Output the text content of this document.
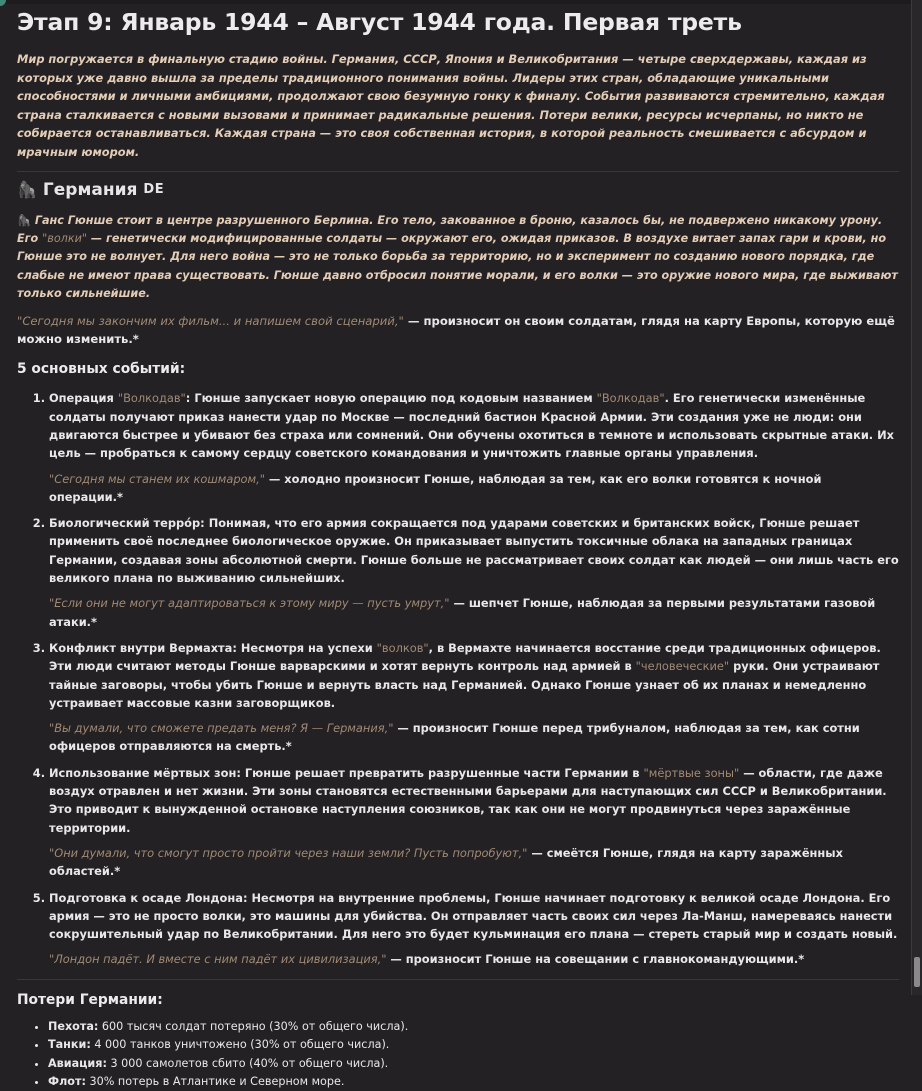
Этап 9: Январь 1944 – Август 1944 года. Первая треть

Мир погружается в финальную стадию войны. Германия, СССР, Япония и Великобритания — четыре сверхдержавы, каждая из которых уже давно вышла за пределы традиционного понимания войны. Лидеры этих стран, обладающие уникальными способностями и личными амбициями, продолжают свою безумную гонку к финалу. События развиваются стремительно, каждая страна сталкивается с новыми вызовами и принимает радикальные решения. Потери велики, ресурсы исчерпаны, но никто не собирается останавливаться. Каждая страна — это своя собственная история, в которой реальность смешивается с абсурдом и мрачным юмором.

🦍 Германия DE

🦍 Ганс Гюнше стоит в центре разрушенного Берлина. Его тело, закованное в броню, казалось бы, не подвержено никакому урону. Его "волки" — генетически модифицированные солдаты — окружают его, ожидая приказов. В воздухе витает запах гари и крови, но Гюнше это не волнует. Для него война — это не только борьба за территорию, но и эксперимент по созданию нового порядка, где слабые не имеют права существовать. Гюнше давно отбросил понятие морали, и его волки — это оружие нового мира, где выживают только сильнейшие.

"Сегодня мы закончим их фильм... и напишем свой сценарий," — произносит он своим солдатам, глядя на карту Европы, которую ещё можно изменить.*

5 основных событий:
1. Операция "Волкодав": Гюнше запускает новую операцию под кодовым названием "Волкодав". Его генетически изменённые солдаты получают приказ нанести удар по Москве — последний бастион Красной Армии. Эти создания уже не люди: они двигаются быстрее и убивают без страха или сомнений. Они обучены охотиться в темноте и использовать скрытные атаки. Их цель — пробраться к самому сердцу советского командования и уничтожить главные органы управления.
"Сегодня мы станем их кошмаром," — холодно произносит Гюнше, наблюдая за тем, как его волки готовятся к ночной операции.*
2. Биологический террóр: Понимая, что его армия сокращается под ударами советских и британских войск, Гюнше решает применить своё последнее биологическое оружие. Он приказывает выпустить токсичные облака на западных границах Германии, создавая зоны абсолютной смерти. Гюнше больше не рассматривает своих солдат как людей — они лишь часть его великого плана по выживанию сильнейших.
"Если они не могут адаптироваться к этому миру — пусть умрут," — шепчет Гюнше, наблюдая за первыми результатами газовой атаки.*
3. Конфликт внутри Вермахта: Несмотря на успехи "волков", в Вермахте начинается восстание среди традиционных офицеров. Эти люди считают методы Гюнше варварскими и хотят вернуть контроль над армией в "человеческие" руки. Они устраивают тайные заговоры, чтобы убить Гюнше и вернуть власть над Германией. Однако Гюнше узнает об их планах и немедленно устраивает массовые казни заговорщиков.
"Вы думали, что сможете предать меня? Я — Германия," — произносит Гюнше перед трибуналом, наблюдая за тем, как сотни офицеров отправляются на смерть.*
4. Использование мёртвых зон: Гюнше решает превратить разрушенные части Германии в "мёртвые зоны" — области, где даже воздух отравлен и нет жизни. Эти зоны становятся естественными барьерами для наступающих сил СССР и Великобритании. Это приводит к вынужденной остановке наступления союзников, так как они не могут продвинуться через заражённые территории.
"Они думали, что смогут просто пройти через наши земли? Пусть попробуют," — смеётся Гюнше, глядя на карту заражённых областей.*
5. Подготовка к осаде Лондона: Несмотря на внутренние проблемы, Гюнше начинает подготовку к великой осаде Лондона. Его армия — это не просто волки, это машины для убийства. Он отправляет часть своих сил через Ла-Манш, намереваясь нанести сокрушительный удар по Великобритании. Для него это будет кульминация его плана — стереть старый мир и создать новый.
"Лондон падёт. И вместе с ним падёт их цивилизация," — произносит Гюнше на совещании с главнокомандующими.*
Потери Германии:
• Пехота: 600 тысяч солдат потеряно (30% от общего числа).
• Танки: 4 000 танков уничтожено (30% от общего числа).
• Авиация: 3 000 самолетов сбито (40% от общего числа).
• Флот: 30% потерь в Атлантике и Северном море.
